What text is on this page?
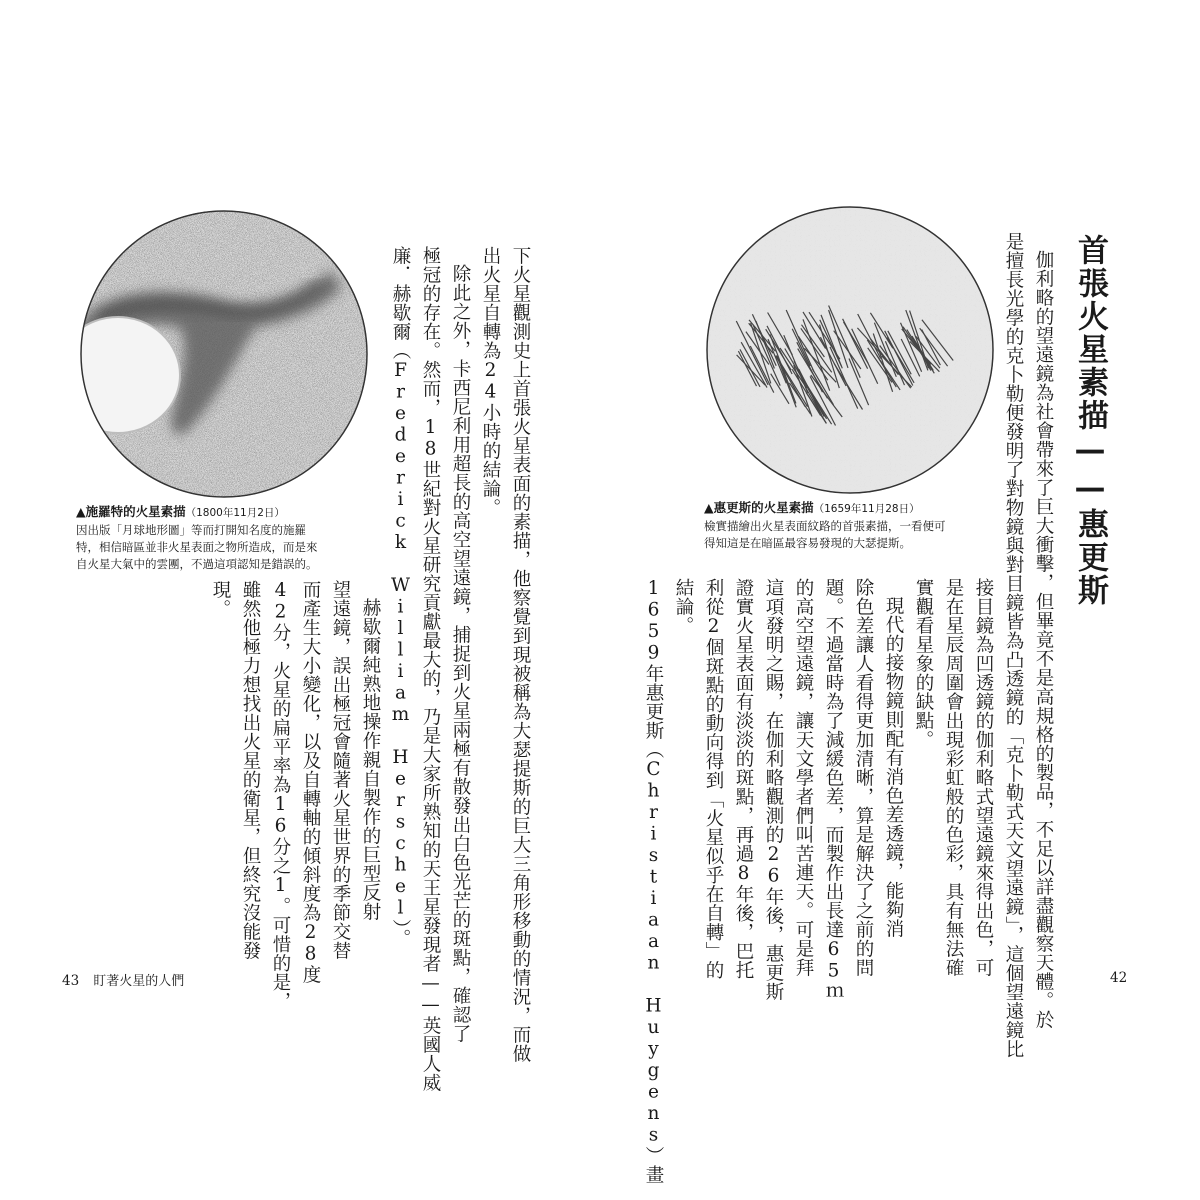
▲施羅特的火星素描（1800年11月2日）
因出版「月球地形圖」等而打開知名度的施羅
特，相信暗區並非火星表面之物所造成，而是來
自火星大氣中的雲團，不過這項認知是錯誤的。	下火星觀測史上首張火星表面的素描，他察覺到現被稱為大瑟提斯的巨大三角形移動的情況，而做

出火星自轉為24小時的結論。

除此之外，卡西尼利用超長的高空望遠鏡，捕捉到火星兩極有散發出白色光芒的斑點，確認了

極冠的存在。然而，18世紀對火星研究貢獻最大的，乃是大家所熟知的天王星發現者——英國人威

廉．赫歇爾（Frederick William Herschel）。

赫歇爾純熟地操作親自製作的巨型反射

望遠鏡，誤出極冠會隨著火星世界的季節交替

而產生大小變化，以及自轉軸的傾斜度為28度

42分，火星的扁平率為16分之1。可惜的是，

雖然他極力想找出火星的衛星，但終究沒能發

現。

43 盯著火星的人們
首張火星素描——惠更斯

伽利略的望遠鏡為社會帶來了巨大衝擊，但畢竟不是高規格的製品，不足以詳盡觀察天體。於

是擅長光學的克卜勒便發明了對物鏡與對目鏡皆為凸透鏡的「克卜勒式天文望遠鏡」，這個望遠鏡比

接目鏡為凹透鏡的伽利略式望遠鏡來得出色，可

是在星辰周圍會出現彩虹般的色彩，具有無法確

實觀看星象的缺點。

現代的接物鏡則配有消色差透鏡，能夠消

除色差讓人看得更加清晰，算是解決了之前的問

題。不過當時為了減緩色差，而製作出長達65ｍ

的高空望遠鏡，讓天文學者們叫苦連天。可是拜

這項發明之賜，在伽利略觀測的26年後，惠更斯

證實火星表面有淡淡的斑點，再過8年後，巴托

利從2個斑點的動向得到「火星似乎在自轉」的

結論。

1659年惠更斯（Christiaan Huygens）畫

▲惠更斯的火星素描（1659年11月28日）
檢實描繪出火星表面紋路的首張素描，一看便可
得知這是在暗區最容易發現的大瑟提斯。
42
